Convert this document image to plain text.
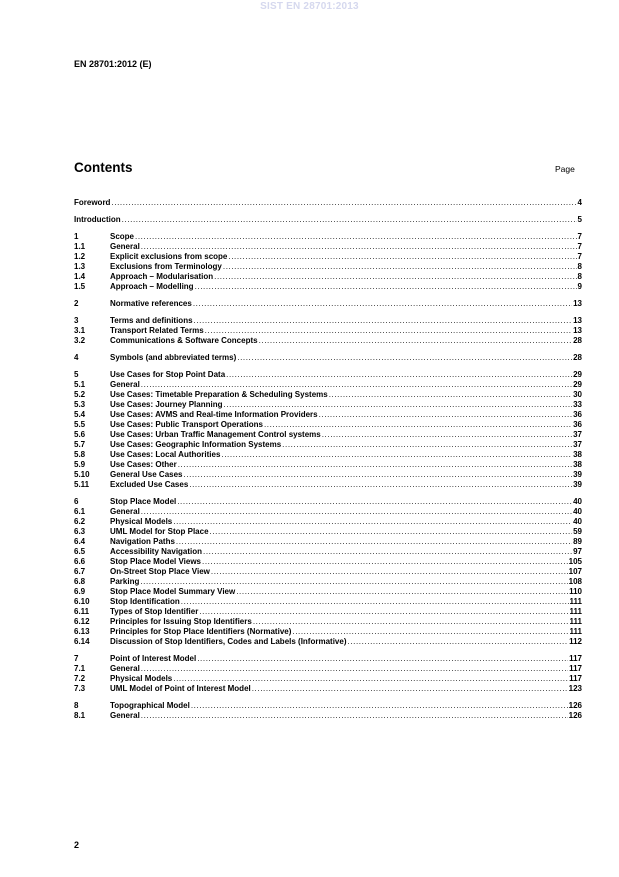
SIST EN 28701:2013
EN 28701:2012 (E)
Contents	Page
Foreword .....	4
Introduction .....	5
1	Scope .....	7
1.1	General .....	7
1.2	Explicit exclusions from scope .....	7
1.3	Exclusions from Terminology .....	8
1.4	Approach – Modularisation .....	8
1.5	Approach – Modelling .....	9
2	Normative references .....	13
3	Terms and definitions .....	13
3.1	Transport Related Terms .....	13
3.2	Communications & Software Concepts .....	28
4	Symbols (and abbreviated terms) .....	28
5	Use Cases for Stop Point Data .....	29
5.1	General .....	29
5.2	Use Cases: Timetable Preparation & Scheduling Systems .....	30
5.3	Use Cases: Journey Planning .....	33
5.4	Use Cases: AVMS and Real-time Information Providers .....	36
5.5	Use Cases: Public Transport Operations .....	36
5.6	Use Cases: Urban Traffic Management Control systems .....	37
5.7	Use Cases: Geographic Information Systems .....	37
5.8	Use Cases: Local Authorities .....	38
5.9	Use Cases: Other .....	38
5.10	General Use Cases .....	39
5.11	Excluded Use Cases .....	39
6	Stop Place Model .....	40
6.1	General .....	40
6.2	Physical Models .....	40
6.3	UML Model for Stop Place .....	59
6.4	Navigation Paths .....	89
6.5	Accessibility Navigation .....	97
6.6	Stop Place Model Views .....	105
6.7	On-Street Stop Place View .....	107
6.8	Parking .....	108
6.9	Stop Place Model Summary View .....	110
6.10	Stop Identification .....	111
6.11	Types of Stop Identifier .....	111
6.12	Principles for Issuing Stop Identifiers .....	111
6.13	Principles for Stop Place Identifiers (Normative) .....	111
6.14	Discussion of Stop Identifiers, Codes and Labels (Informative) .....	112
7	Point of Interest Model .....	117
7.1	General .....	117
7.2	Physical Models .....	117
7.3	UML Model of Point of Interest Model .....	123
8	Topographical Model .....	126
8.1	General .....	126
2
